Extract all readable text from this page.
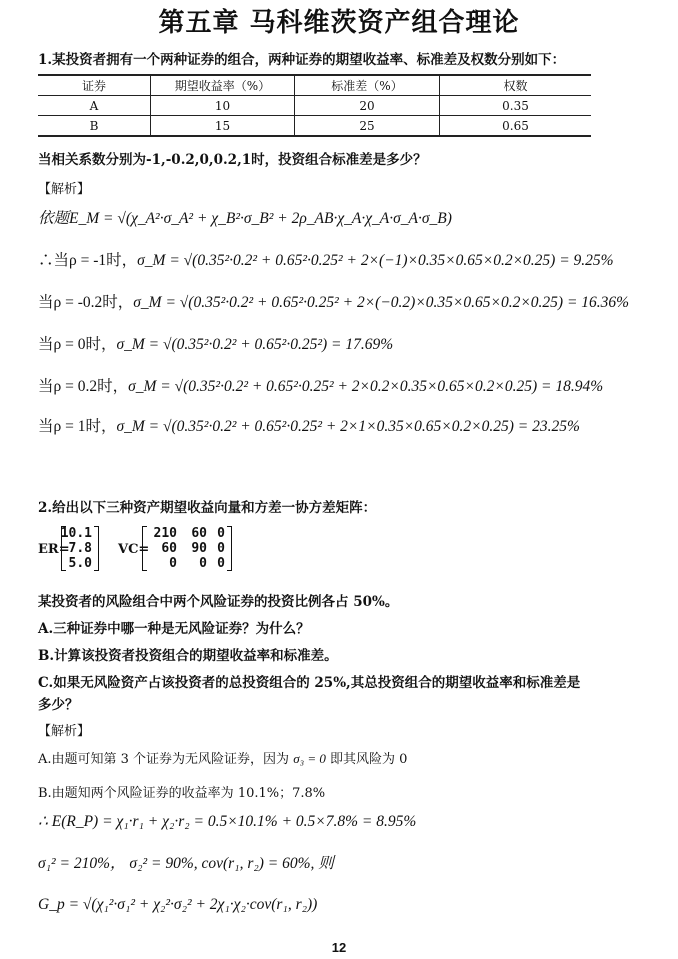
第五章 马科维茨资产组合理论
1.某投资者拥有一个两种证券的组合，两种证券的期望收益率、标准差及权数分别如下：
证券	期望收益率（%）	标准差（%）	权数
A	10	20	0.35
B	15	25	0.65
当相关系数分别为-1,-0.2,0,0.2,1时，投资组合标准差是多少？
【解析】
依题E_M = √(χ_A²·σ_A² + χ_B²·σ_B² + 2ρ_AB·χ_A·χ_A·σ_A·σ_B)
∴当ρ = -1时，σ_M = √(0.35²·0.2² + 0.65²·0.25² + 2×(−1)×0.35×0.65×0.2×0.25) = 9.25%
当ρ = -0.2时，σ_M = √(0.35²·0.2² + 0.65²·0.25² + 2×(−0.2)×0.35×0.65×0.2×0.25) = 16.36%
当ρ = 0时，σ_M = √(0.35²·0.2² + 0.65²·0.25²) = 17.69%
当ρ = 0.2时，σ_M = √(0.35²·0.2² + 0.65²·0.25² + 2×0.2×0.35×0.65×0.2×0.25) = 18.94%
当ρ = 1时，σ_M = √(0.35²·0.2² + 0.65²·0.25² + 2×1×0.35×0.65×0.2×0.25) = 23.25%
2.给出以下三种资产期望收益向量和方差一协方差矩阵：
ER=
10.1
7.8
5.0
VC=
210	60 0
60	90 0
0	0 0
某投资者的风险组合中两个风险证券的投资比例各占 50%。
A.三种证券中哪一种是无风险证券？为什么？
B.计算该投资者投资组合的期望收益率和标准差。
C.如果无风险资产占该投资者的总投资组合的 25%,其总投资组合的期望收益率和标准差是
多少？
【解析】
A.由题可知第 3 个证券为无风险证券，因为 σ₃ = 0 即其风险为 0
B.由题知两个风险证券的收益率为 10.1%；7.8%
∴ E(R_P) = χ₁·r₁ + χ₂·r₂ = 0.5×10.1% + 0.5×7.8% = 8.95%
σ₁² = 210%， σ₂² = 90%, cov(r₁, r₂) = 60%, 则
G_p = √(χ₁²·σ₁² + χ₂²·σ₂² + 2χ₁·χ₂·cov(r₁, r₂))
12
